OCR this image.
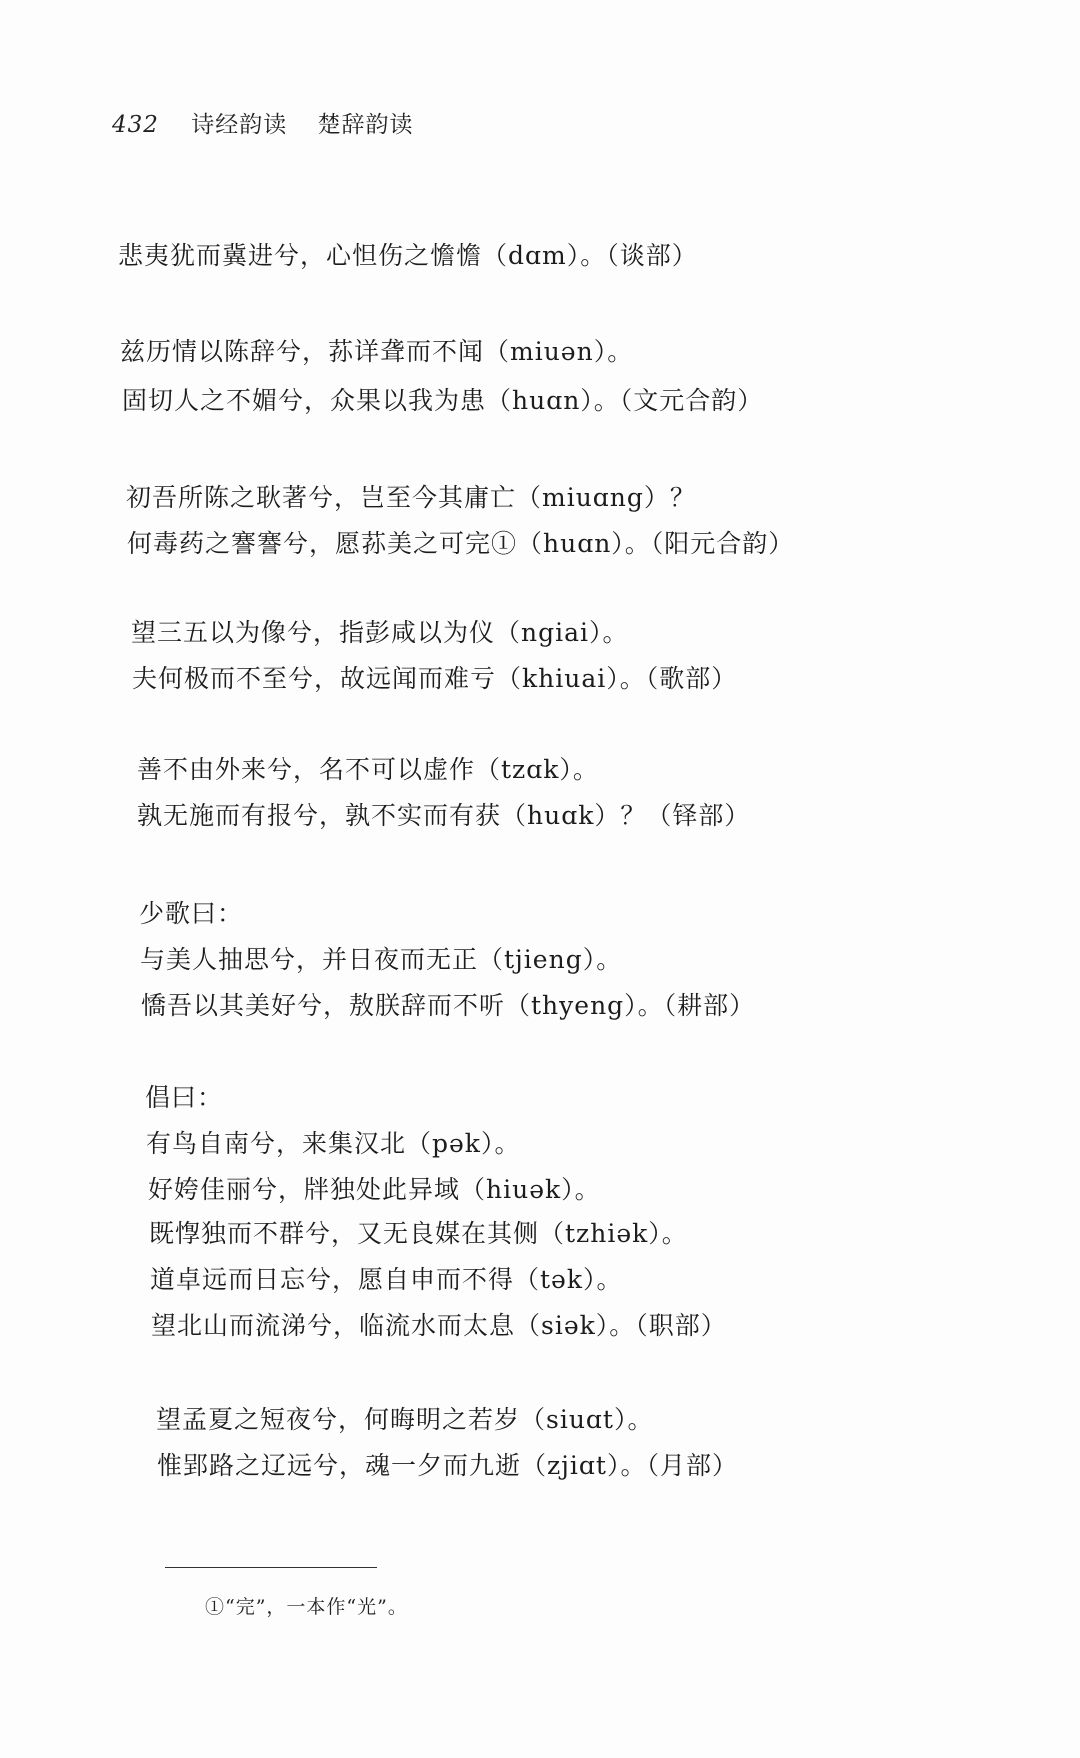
432 诗经韵读 楚辞韵读
悲夷犹而冀进兮，心怛伤之憺憺（dɑm）。（谈部）
兹历情以陈辞兮，荪详聋而不闻（miuən）。
固切人之不媚兮，众果以我为患（huɑn）。（文元合韵）
初吾所陈之耿著兮，岂至今其庸亡（miuɑng）？
何毒药之謇謇兮，愿荪美之可完①（huɑn）。（阳元合韵）
望三五以为像兮，指彭咸以为仪（ngiai）。
夫何极而不至兮，故远闻而难亏（khiuai）。（歌部）
善不由外来兮，名不可以虚作（tzɑk）。
孰无施而有报兮，孰不实而有获（huɑk）？（铎部）
少歌曰：
与美人抽思兮，并日夜而无正（tjieng）。
憍吾以其美好兮，敖朕辞而不听（thyeng）。（耕部）
倡曰：
有鸟自南兮，来集汉北（pək）。
好姱佳丽兮，牉独处此异域（hiuək）。
既惸独而不群兮，又无良媒在其侧（tzhiək）。
道卓远而日忘兮，愿自申而不得（tək）。
望北山而流涕兮，临流水而太息（siək）。（职部）
望孟夏之短夜兮，何晦明之若岁（siuɑt）。
惟郢路之辽远兮，魂一夕而九逝（zjiɑt）。（月部）
①“完”，一本作“光”。
